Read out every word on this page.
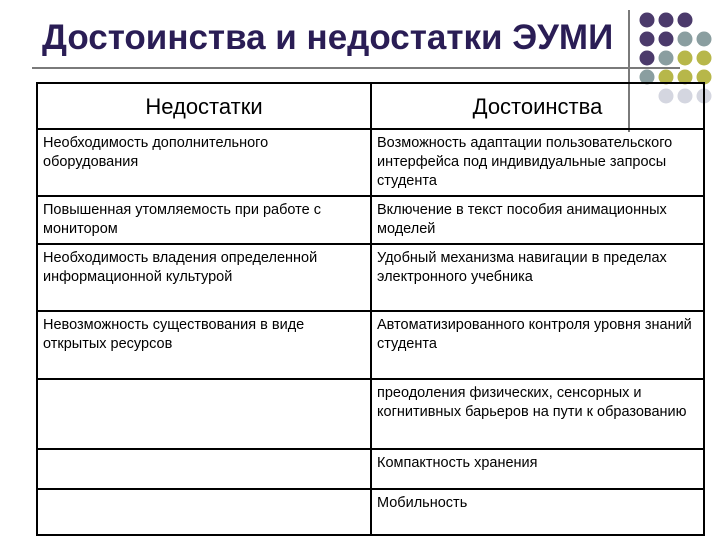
Достоинства и недостатки ЭУМИ
Недостатки	Достоинства
Необходимость дополнительного оборудования	Возможность адаптации пользовательского интерфейса под индивидуальные запросы студента
Повышенная утомляемость при работе с монитором	Включение в текст пособия анимационных моделей
Необходимость владения определенной информационной культурой	Удобный механизма навигации в пределах электронного учебника
Невозможность существования в виде открытых ресурсов	Автоматизированного контроля уровня знаний студента
	преодоления физических, сенсорных и когнитивных барьеров на пути к образованию
	Компактность хранения
	Мобильность
